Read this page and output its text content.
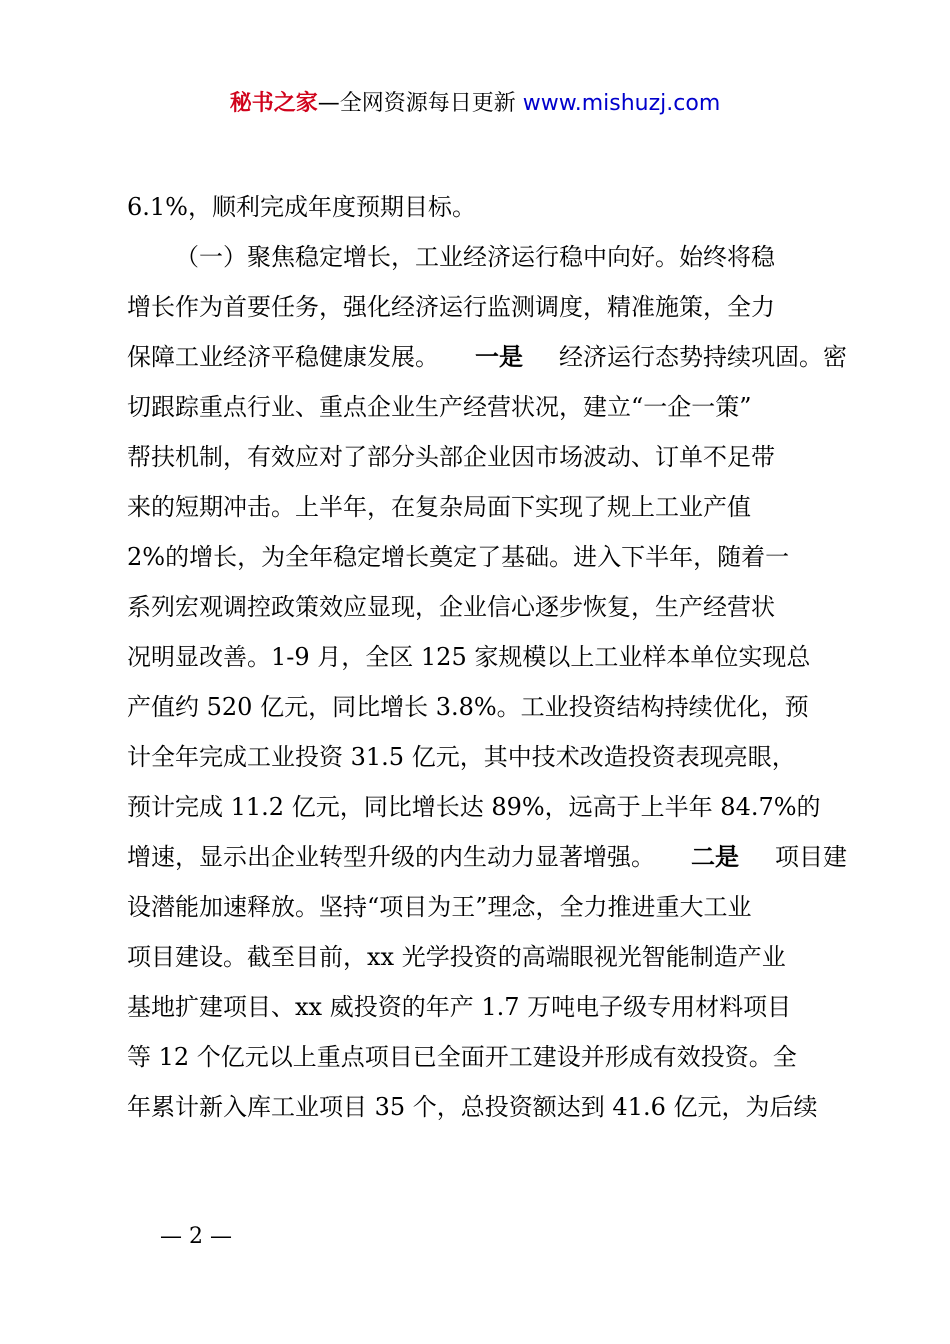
秘书之家—全网资源每日更新 www.mishuzj.com
6.1%，顺利完成年度预期目标。
（一）聚焦稳定增长，工业经济运行稳中向好。始终将稳
增长作为首要任务，强化经济运行监测调度，精准施策，全力
保障工业经济平稳健康发展。 一是 经济运行态势持续巩固。密
切跟踪重点行业、重点企业生产经营状况，建立“一企一策”
帮扶机制，有效应对了部分头部企业因市场波动、订单不足带
来的短期冲击。上半年，在复杂局面下实现了规上工业产值
2%的增长，为全年稳定增长奠定了基础。进入下半年，随着一
系列宏观调控政策效应显现，企业信心逐步恢复，生产经营状
况明显改善。1-9 月，全区 125 家规模以上工业样本单位实现总
产值约 520 亿元，同比增长 3.8%。工业投资结构持续优化，预
计全年完成工业投资 31.5 亿元，其中技术改造投资表现亮眼，
预计完成 11.2 亿元，同比增长达 89%，远高于上半年 84.7%的
增速，显示出企业转型升级的内生动力显著增强。 二是 项目建
设潜能加速释放。坚持“项目为王”理念，全力推进重大工业
项目建设。截至目前，xx 光学投资的高端眼视光智能制造产业
基地扩建项目、xx 威投资的年产 1.7 万吨电子级专用材料项目
等 12 个亿元以上重点项目已全面开工建设并形成有效投资。全
年累计新入库工业项目 35 个，总投资额达到 41.6 亿元，为后续
— 2 —
